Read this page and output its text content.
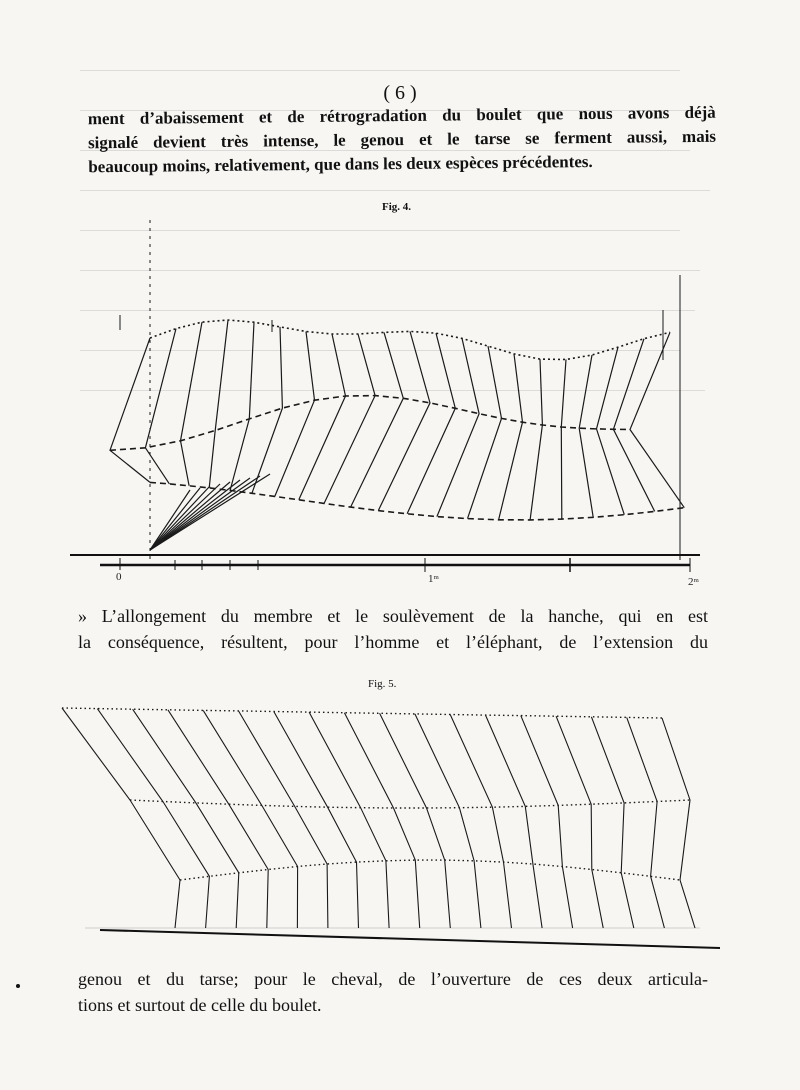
( 6 )

ment d’abaissement et de rétrogradation du boulet que nous avons déjà
signalé devient très intense, le genou et le tarse se ferment aussi, mais
beaucoup moins, relativement, que dans les deux espèces précédentes.

Fig. 4.
0	1ᵐ	2ᵐ

» L’allongement du membre et le soulèvement de la hanche, qui en est
la conséquence, résultent, pour l’homme et l’éléphant, de l’extension du

Fig. 5.

genou et du tarse; pour le cheval, de l’ouverture de ces deux articula-
tions et surtout de celle du boulet.
